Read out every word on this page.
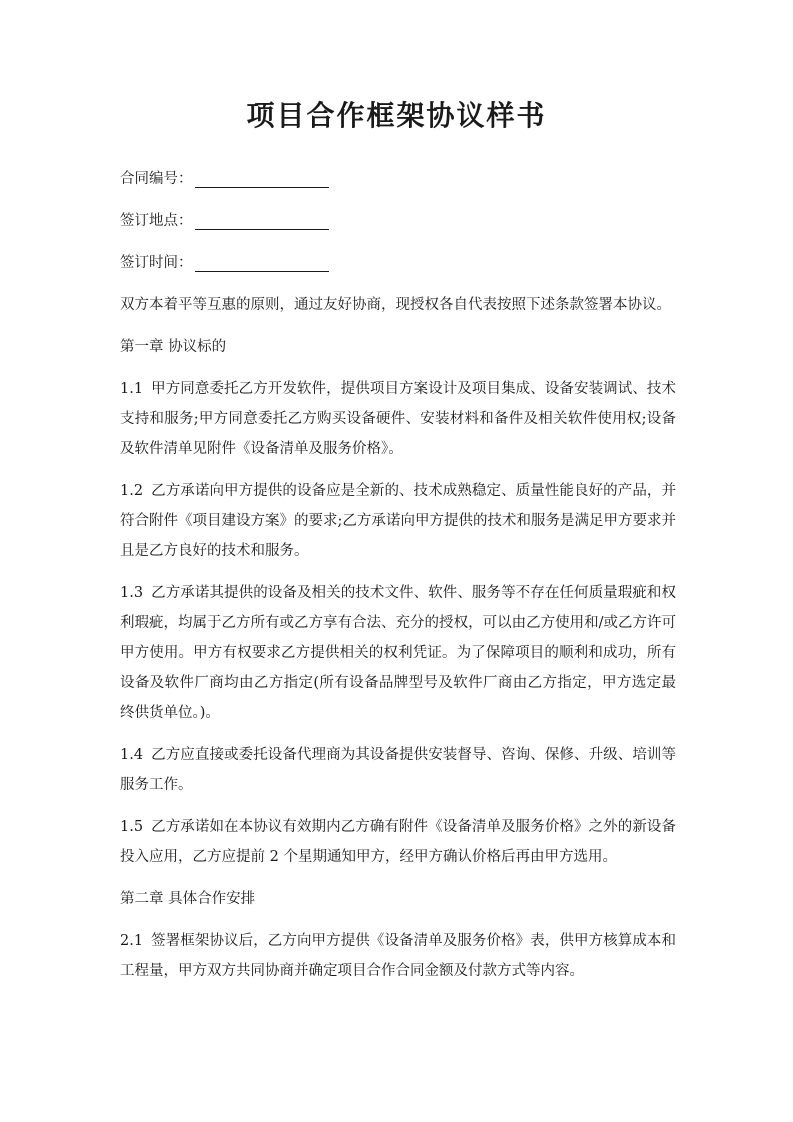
项目合作框架协议样书
合同编号：
签订地点：
签订时间：

双方本着平等互惠的原则，通过友好协商，现授权各自代表按照下述条款签署本协议。

第一章 协议标的

1.1 甲方同意委托乙方开发软件，提供项目方案设计及项目集成、设备安装调试、技术支持和服务;甲方同意委托乙方购买设备硬件、安装材料和备件及相关软件使用权;设备及软件清单见附件《设备清单及服务价格》。

1.2 乙方承诺向甲方提供的设备应是全新的、技术成熟稳定、质量性能良好的产品，并符合附件《项目建设方案》的要求;乙方承诺向甲方提供的技术和服务是满足甲方要求并且是乙方良好的技术和服务。

1.3 乙方承诺其提供的设备及相关的技术文件、软件、服务等不存在任何质量瑕疵和权利瑕疵，均属于乙方所有或乙方享有合法、充分的授权，可以由乙方使用和/或乙方许可甲方使用。甲方有权要求乙方提供相关的权利凭证。为了保障项目的顺利和成功，所有设备及软件厂商均由乙方指定(所有设备品牌型号及软件厂商由乙方指定，甲方选定最终供货单位。)。

1.4 乙方应直接或委托设备代理商为其设备提供安装督导、咨询、保修、升级、培训等服务工作。

1.5 乙方承诺如在本协议有效期内乙方确有附件《设备清单及服务价格》之外的新设备投入应用，乙方应提前 2 个星期通知甲方，经甲方确认价格后再由甲方选用。

第二章 具体合作安排

2.1 签署框架协议后，乙方向甲方提供《设备清单及服务价格》表，供甲方核算成本和工程量，甲方双方共同协商并确定项目合作合同金额及付款方式等内容。
